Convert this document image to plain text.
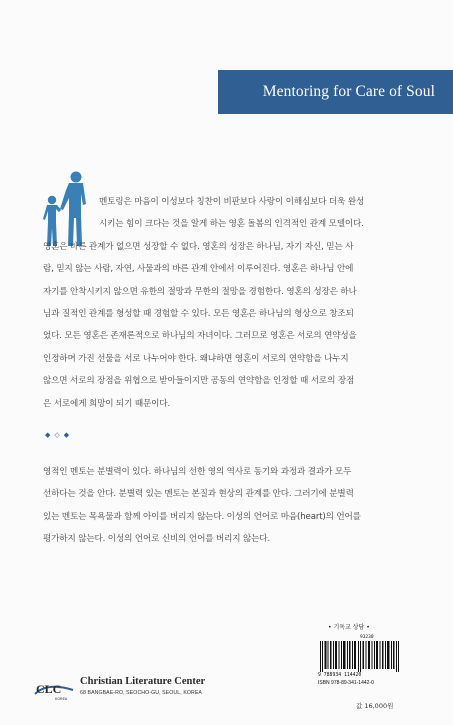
Mentoring for Care of Soul
멘토링은 마음이 이성보다 칭찬이 비판보다 사랑이 이해심보다 더욱 완성
시키는 힘이 크다는 것을 알게 하는 영혼 돌봄의 인격적인 관계 모델이다.
영혼은 바른 관계가 없으면 성장할 수 없다. 영혼의 성장은 하나님, 자기 자신, 믿는 사
람, 믿지 않는 사람, 자연, 사물과의 바른 관계 안에서 이루어진다. 영혼은 하나님 안에
자기를 안착시키지 않으면 유한의 절망과 무한의 절망을 경험한다. 영혼의 성장은 하나
님과 질적인 관계를 형성할 때 경험할 수 있다. 모든 영혼은 하나님의 형상으로 창조되
었다. 모든 영혼은 존재론적으로 하나님의 자녀이다. 그러므로 영혼은 서로의 연약성을
인정하며 가진 선물을 서로 나누어야 한다. 왜냐하면 영혼이 서로의 연약함을 나누지
않으면 서로의 장점을 위협으로 받아들이지만 공동의 연약함을 인정할 때 서로의 장점
은 서로에게 희망이 되기 때문이다.
◆ ◇ ◆
영적인 멘토는 분별력이 있다. 하나님의 선한 영의 역사로 동기와 과정과 결과가 모두
선하다는 것을 안다. 분별력 있는 멘토는 본질과 현상의 관계를 안다. 그러기에 분별력
있는 멘토는 목욕물과 함께 아이를 버리지 않는다. 이성의 언어로 마음(heart)의 언어를
평가하지 않는다. 이성의 언어로 신비의 언어를 버리지 않는다.
• 기독교 상담 •
93230
9 788934 114420
ISBN 978-89-341-1442-0
값 16,000원
CLC
KOREA
Christian Literature Center
68 BANGBAE-RO, SEOCHO-GU, SEOUL, KOREA
